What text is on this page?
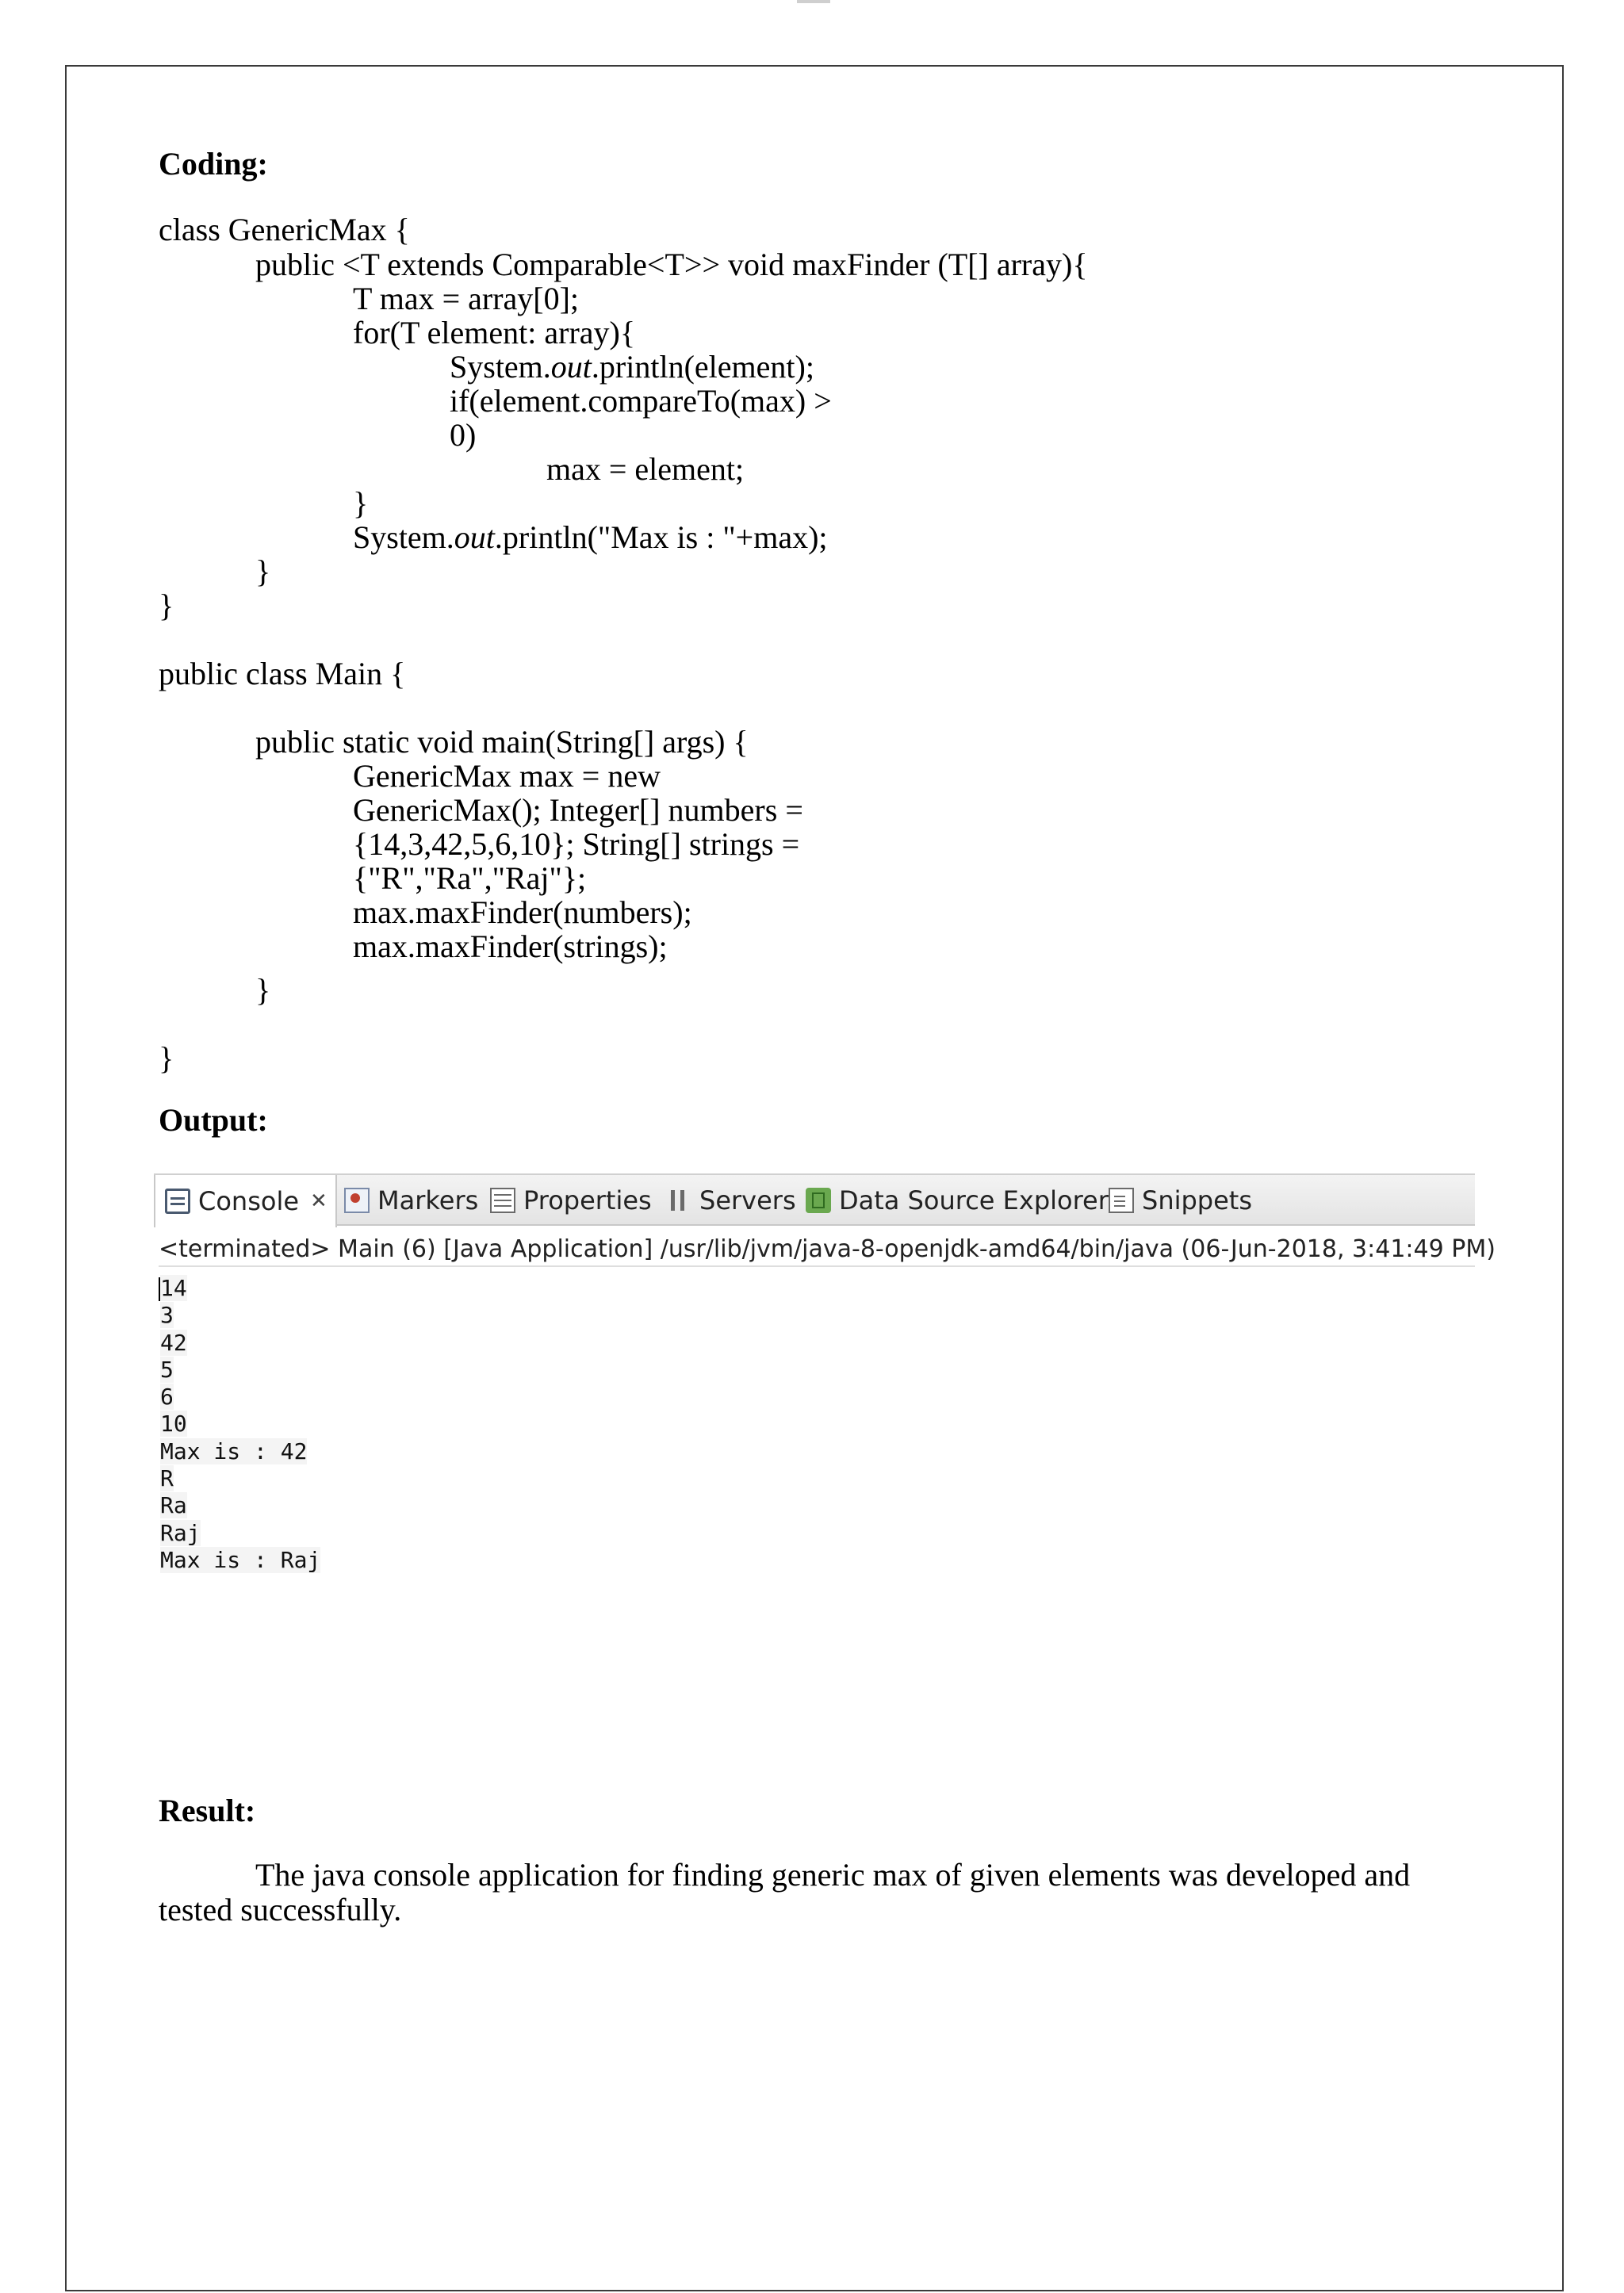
Coding:
class GenericMax {
public <T extends Comparable<T>> void maxFinder (T[] array){
T max = array[0];
for(T element: array){
System.out.println(element);
if(element.compareTo(max) >
0)
max = element;
}
System.out.println("Max is : "+max);
}
}
public class Main {
public static void main(String[] args) {
GenericMax max = new
GenericMax(); Integer[] numbers =
{14,3,42,5,6,10}; String[] strings =
{"R","Ra","Raj"};
max.maxFinder(numbers);
max.maxFinder(strings);
}
}
Output:
Console ✕ Markers Properties Servers Data Source Explorer Snippets
<terminated> Main (6) [Java Application] /usr/lib/jvm/java-8-openjdk-amd64/bin/java (06-Jun-2018, 3:41:49 PM)
14
3
42
5
6
10
Max is : 42
R
Ra
Raj
Max is : Raj
Result:
The java console application for finding generic max of given elements was developed and tested successfully.
